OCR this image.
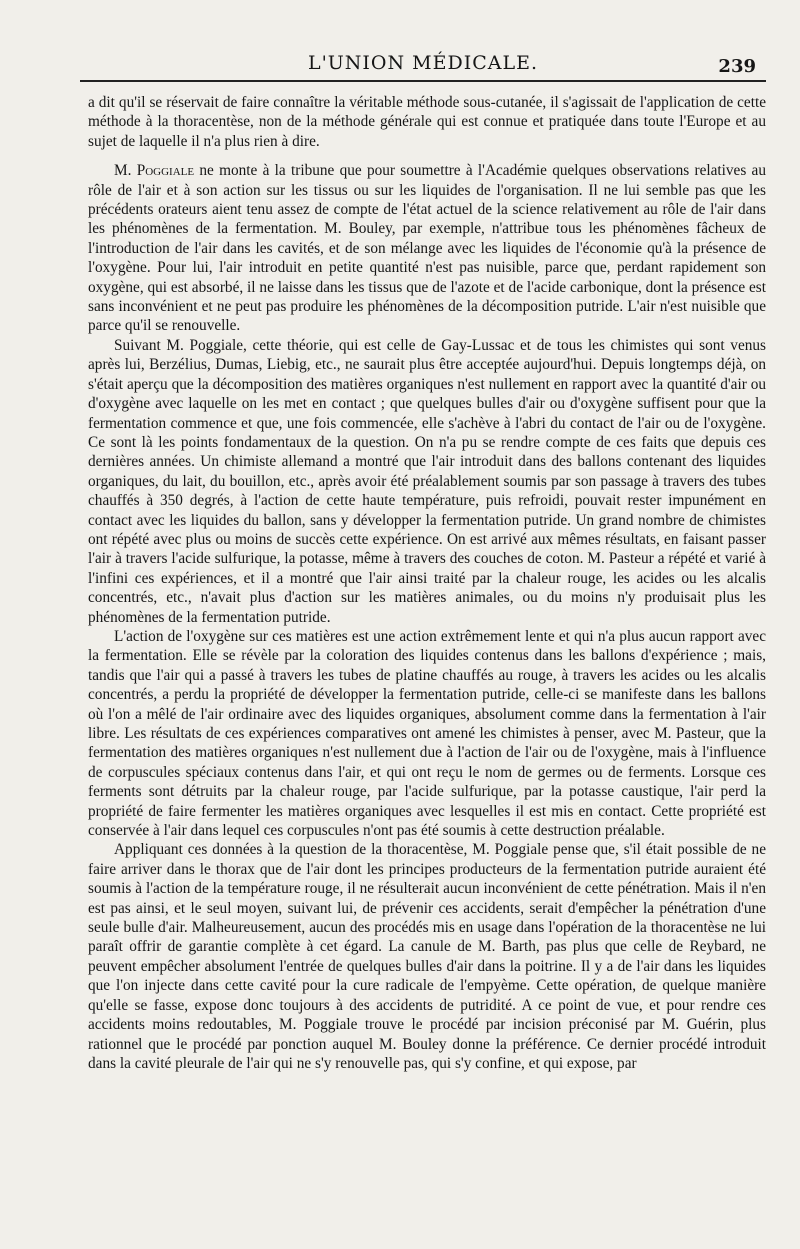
L'UNION MÉDICALE.	239

a dit qu'il se réservait de faire connaître la véritable méthode sous-cutanée, il s'agissait de l'application de cette méthode à la thoracentèse, non de la méthode générale qui est connue et pratiquée dans toute l'Europe et au sujet de laquelle il n'a plus rien à dire.

M. Poggiale ne monte à la tribune que pour soumettre à l'Académie quelques observations relatives au rôle de l'air et à son action sur les tissus ou sur les liquides de l'organisation. Il ne lui semble pas que les précédents orateurs aient tenu assez de compte de l'état actuel de la science relativement au rôle de l'air dans les phénomènes de la fermentation. M. Bouley, par exemple, n'attribue tous les phénomènes fâcheux de l'introduction de l'air dans les cavités, et de son mélange avec les liquides de l'économie qu'à la présence de l'oxygène. Pour lui, l'air introduit en petite quantité n'est pas nuisible, parce que, perdant rapidement son oxygène, qui est absorbé, il ne laisse dans les tissus que de l'azote et de l'acide carbonique, dont la présence est sans inconvénient et ne peut pas produire les phénomènes de la décomposition putride. L'air n'est nuisible que parce qu'il se renouvelle.

Suivant M. Poggiale, cette théorie, qui est celle de Gay-Lussac et de tous les chimistes qui sont venus après lui, Berzélius, Dumas, Liebig, etc., ne saurait plus être acceptée aujourd'hui. Depuis longtemps déjà, on s'était aperçu que la décomposition des matières organiques n'est nullement en rapport avec la quantité d'air ou d'oxygène avec laquelle on les met en contact ; que quelques bulles d'air ou d'oxygène suffisent pour que la fermentation commence et que, une fois commencée, elle s'achève à l'abri du contact de l'air ou de l'oxygène. Ce sont là les points fondamentaux de la question. On n'a pu se rendre compte de ces faits que depuis ces dernières années. Un chimiste allemand a montré que l'air introduit dans des ballons contenant des liquides organiques, du lait, du bouillon, etc., après avoir été préalablement soumis par son passage à travers des tubes chauffés à 350 degrés, à l'action de cette haute température, puis refroidi, pouvait rester impunément en contact avec les liquides du ballon, sans y développer la fermentation putride. Un grand nombre de chimistes ont répété avec plus ou moins de succès cette expérience. On est arrivé aux mêmes résultats, en faisant passer l'air à travers l'acide sulfurique, la potasse, même à travers des couches de coton. M. Pasteur a répété et varié à l'infini ces expériences, et il a montré que l'air ainsi traité par la chaleur rouge, les acides ou les alcalis concentrés, etc., n'avait plus d'action sur les matières animales, ou du moins n'y produisait plus les phénomènes de la fermentation putride.

L'action de l'oxygène sur ces matières est une action extrêmement lente et qui n'a plus aucun rapport avec la fermentation. Elle se révèle par la coloration des liquides contenus dans les ballons d'expérience ; mais, tandis que l'air qui a passé à travers les tubes de platine chauffés au rouge, à travers les acides ou les alcalis concentrés, a perdu la propriété de développer la fermentation putride, celle-ci se manifeste dans les ballons où l'on a mêlé de l'air ordinaire avec des liquides organiques, absolument comme dans la fermentation à l'air libre. Les résultats de ces expériences comparatives ont amené les chimistes à penser, avec M. Pasteur, que la fermentation des matières organiques n'est nullement due à l'action de l'air ou de l'oxygène, mais à l'influence de corpuscules spéciaux contenus dans l'air, et qui ont reçu le nom de germes ou de ferments. Lorsque ces ferments sont détruits par la chaleur rouge, par l'acide sulfurique, par la potasse caustique, l'air perd la propriété de faire fermenter les matières organiques avec lesquelles il est mis en contact. Cette propriété est conservée à l'air dans lequel ces corpuscules n'ont pas été soumis à cette destruction préalable.

Appliquant ces données à la question de la thoracentèse, M. Poggiale pense que, s'il était possible de ne faire arriver dans le thorax que de l'air dont les principes producteurs de la fermentation putride auraient été soumis à l'action de la température rouge, il ne résulterait aucun inconvénient de cette pénétration. Mais il n'en est pas ainsi, et le seul moyen, suivant lui, de prévenir ces accidents, serait d'empêcher la pénétration d'une seule bulle d'air. Malheureusement, aucun des procédés mis en usage dans l'opération de la thoracentèse ne lui paraît offrir de garantie complète à cet égard. La canule de M. Barth, pas plus que celle de Reybard, ne peuvent empêcher absolument l'entrée de quelques bulles d'air dans la poitrine. Il y a de l'air dans les liquides que l'on injecte dans cette cavité pour la cure radicale de l'empyème. Cette opération, de quelque manière qu'elle se fasse, expose donc toujours à des accidents de putridité. A ce point de vue, et pour rendre ces accidents moins redoutables, M. Poggiale trouve le procédé par incision préconisé par M. Guérin, plus rationnel que le procédé par ponction auquel M. Bouley donne la préférence. Ce dernier procédé introduit dans la cavité pleurale de l'air qui ne s'y renouvelle pas, qui s'y confine, et qui expose, par
